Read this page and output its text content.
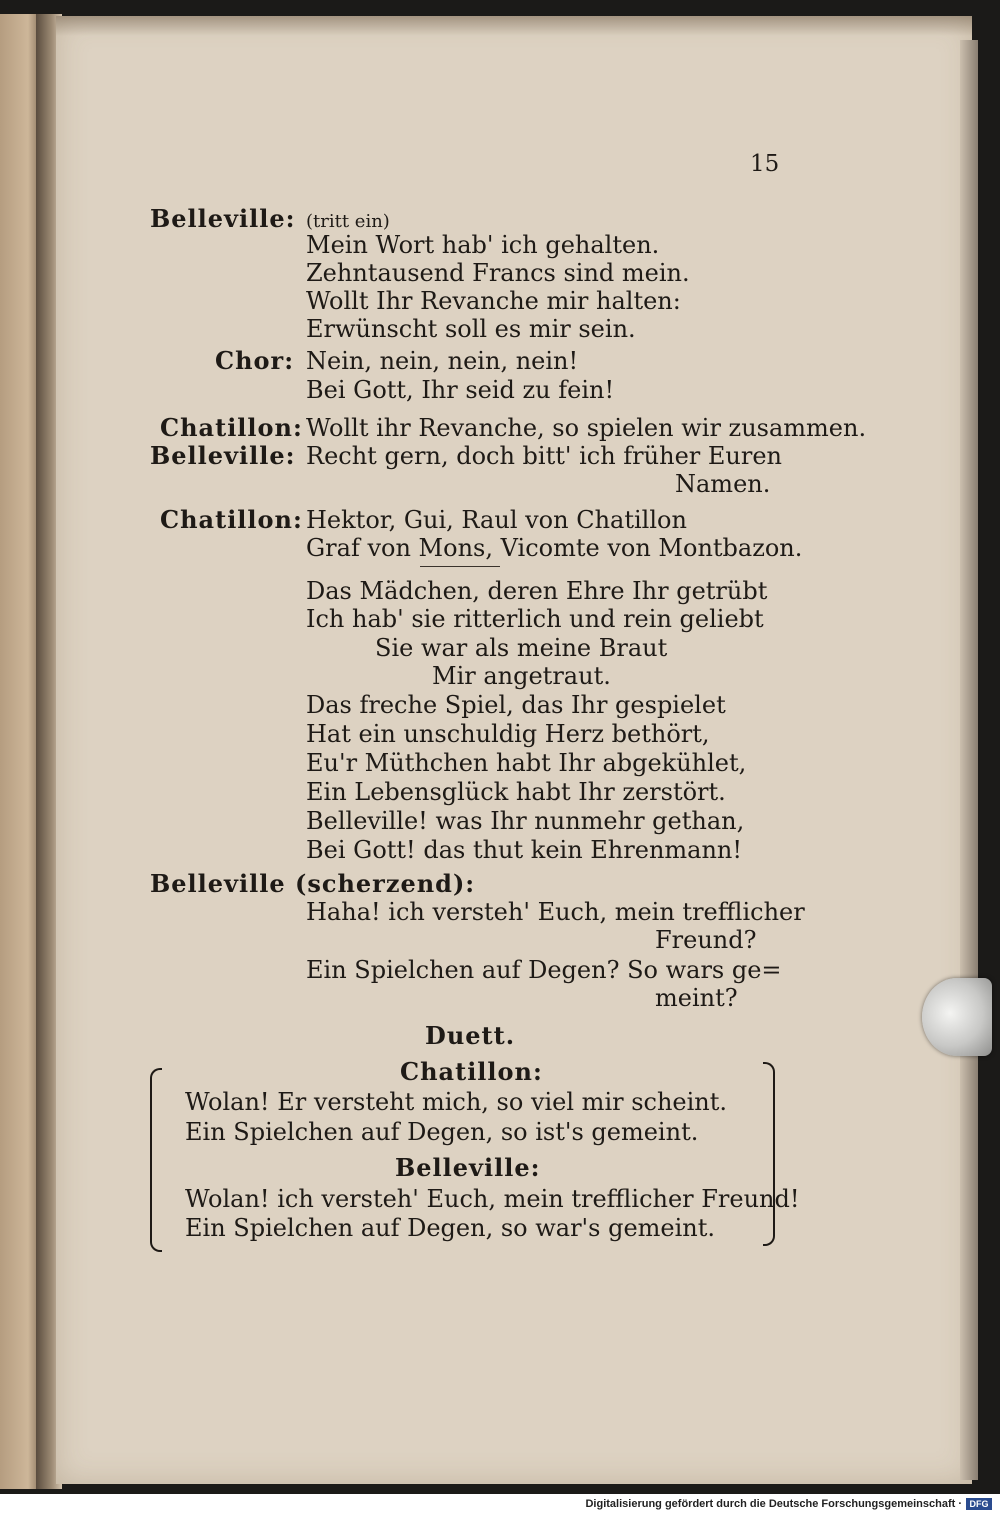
15
Belleville: (tritt ein)
Mein Wort hab' ich gehalten.
Zehntausend Francs sind mein.
Wollt Ihr Revanche mir halten:
Erwünscht soll es mir sein.
Chor: Nein, nein, nein, nein!
Bei Gott, Ihr seid zu fein!
Chatillon: Wollt ihr Revanche, so spielen wir zusammen.
Belleville: Recht gern, doch bitt' ich früher Euren
Namen.
Chatillon: Hektor, Gui, Raul von Chatillon
Graf von Mons, Vicomte von Montbazon.
Das Mädchen, deren Ehre Ihr getrübt
Ich hab' sie ritterlich und rein geliebt
Sie war als meine Braut
Mir angetraut.
Das freche Spiel, das Ihr gespielet
Hat ein unschuldig Herz bethört,
Eu'r Müthchen habt Ihr abgekühlet,
Ein Lebensglück habt Ihr zerstört.
Belleville! was Ihr nunmehr gethan,
Bei Gott! das thut kein Ehrenmann!
Belleville (scherzend):
Haha! ich versteh' Euch, mein trefflicher
Freund?
Ein Spielchen auf Degen? So wars ge=
meint?
Duett.
Chatillon:
Wolan! Er versteht mich, so viel mir scheint.
Ein Spielchen auf Degen, so ist's gemeint.
Belleville:
Wolan! ich versteh' Euch, mein trefflicher Freund!
Ein Spielchen auf Degen, so war's gemeint.
Digitalisierung gefördert durch die Deutsche Forschungsgemeinschaft · DFG
